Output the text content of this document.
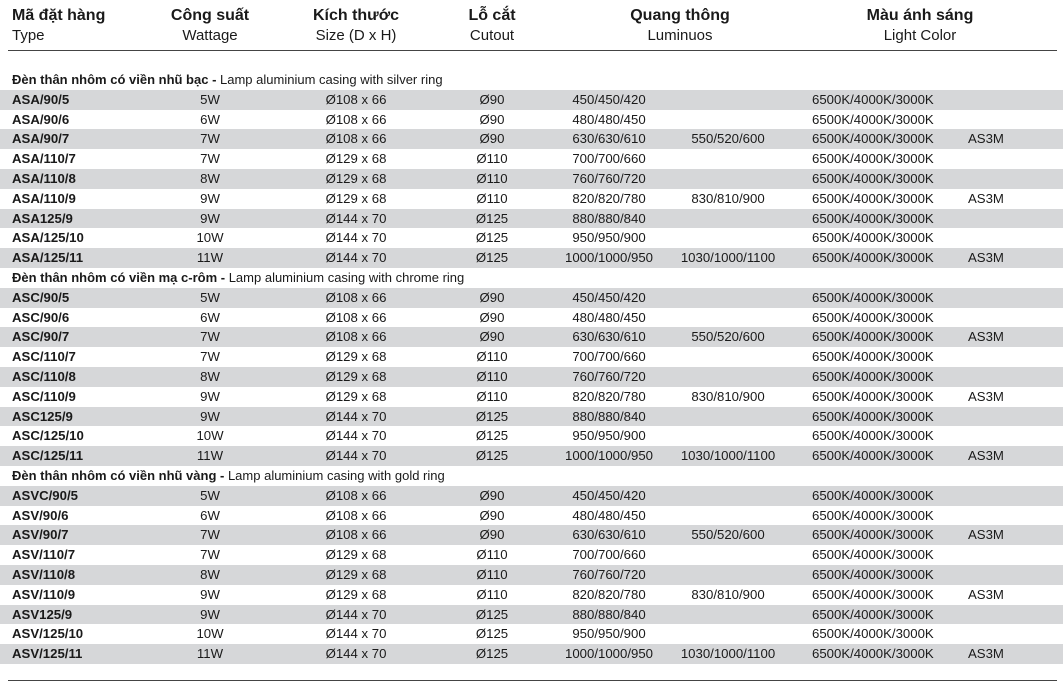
Mã đặt hàng
Type
Công suất
Wattage
Kích thước
Size (D x H)
Lỗ cắt
Cutout
Quang thông
Luminuos
Màu ánh sáng
Light Color
Đèn thân nhôm có viền nhũ bạc - Lamp aluminium casing with silver ring
ASA/90/5	5W	Ø108 x 66	Ø90	450/450/420	6500K/4000K/3000K
ASA/90/6	6W	Ø108 x 66	Ø90	480/480/450	6500K/4000K/3000K
ASA/90/7	7W	Ø108 x 66	Ø90	630/630/610	550/520/600	6500K/4000K/3000K	AS3M
ASA/110/7	7W	Ø129 x 68	Ø110	700/700/660	6500K/4000K/3000K
ASA/110/8	8W	Ø129 x 68	Ø110	760/760/720	6500K/4000K/3000K
ASA/110/9	9W	Ø129 x 68	Ø110	820/820/780	830/810/900	6500K/4000K/3000K	AS3M
ASA125/9	9W	Ø144 x 70	Ø125	880/880/840	6500K/4000K/3000K
ASA/125/10	10W	Ø144 x 70	Ø125	950/950/900	6500K/4000K/3000K
ASA/125/11	11W	Ø144 x 70	Ø125	1000/1000/950 1030/1000/1100	6500K/4000K/3000K	AS3M
Đèn thân nhôm có viền mạ c-rôm - Lamp aluminium casing with chrome ring
ASC/90/5	5W	Ø108 x 66	Ø90	450/450/420	6500K/4000K/3000K
ASC/90/6	6W	Ø108 x 66	Ø90	480/480/450	6500K/4000K/3000K
ASC/90/7	7W	Ø108 x 66	Ø90	630/630/610	550/520/600	6500K/4000K/3000K	AS3M
ASC/110/7	7W	Ø129 x 68	Ø110	700/700/660	6500K/4000K/3000K
ASC/110/8	8W	Ø129 x 68	Ø110	760/760/720	6500K/4000K/3000K
ASC/110/9	9W	Ø129 x 68	Ø110	820/820/780	830/810/900	6500K/4000K/3000K	AS3M
ASC125/9	9W	Ø144 x 70	Ø125	880/880/840	6500K/4000K/3000K
ASC/125/10	10W	Ø144 x 70	Ø125	950/950/900	6500K/4000K/3000K
ASC/125/11	11W	Ø144 x 70	Ø125	1000/1000/950 1030/1000/1100	6500K/4000K/3000K	AS3M
Đèn thân nhôm có viền nhũ vàng - Lamp aluminium casing with gold ring
ASVC/90/5	5W	Ø108 x 66	Ø90	450/450/420	6500K/4000K/3000K
ASV/90/6	6W	Ø108 x 66	Ø90	480/480/450	6500K/4000K/3000K
ASV/90/7	7W	Ø108 x 66	Ø90	630/630/610	550/520/600	6500K/4000K/3000K	AS3M
ASV/110/7	7W	Ø129 x 68	Ø110	700/700/660	6500K/4000K/3000K
ASV/110/8	8W	Ø129 x 68	Ø110	760/760/720	6500K/4000K/3000K
ASV/110/9	9W	Ø129 x 68	Ø110	820/820/780	830/810/900	6500K/4000K/3000K	AS3M
ASV125/9	9W	Ø144 x 70	Ø125	880/880/840	6500K/4000K/3000K
ASV/125/10	10W	Ø144 x 70	Ø125	950/950/900	6500K/4000K/3000K
ASV/125/11	11W	Ø144 x 70	Ø125	1000/1000/950 1030/1000/1100	6500K/4000K/3000K	AS3M
